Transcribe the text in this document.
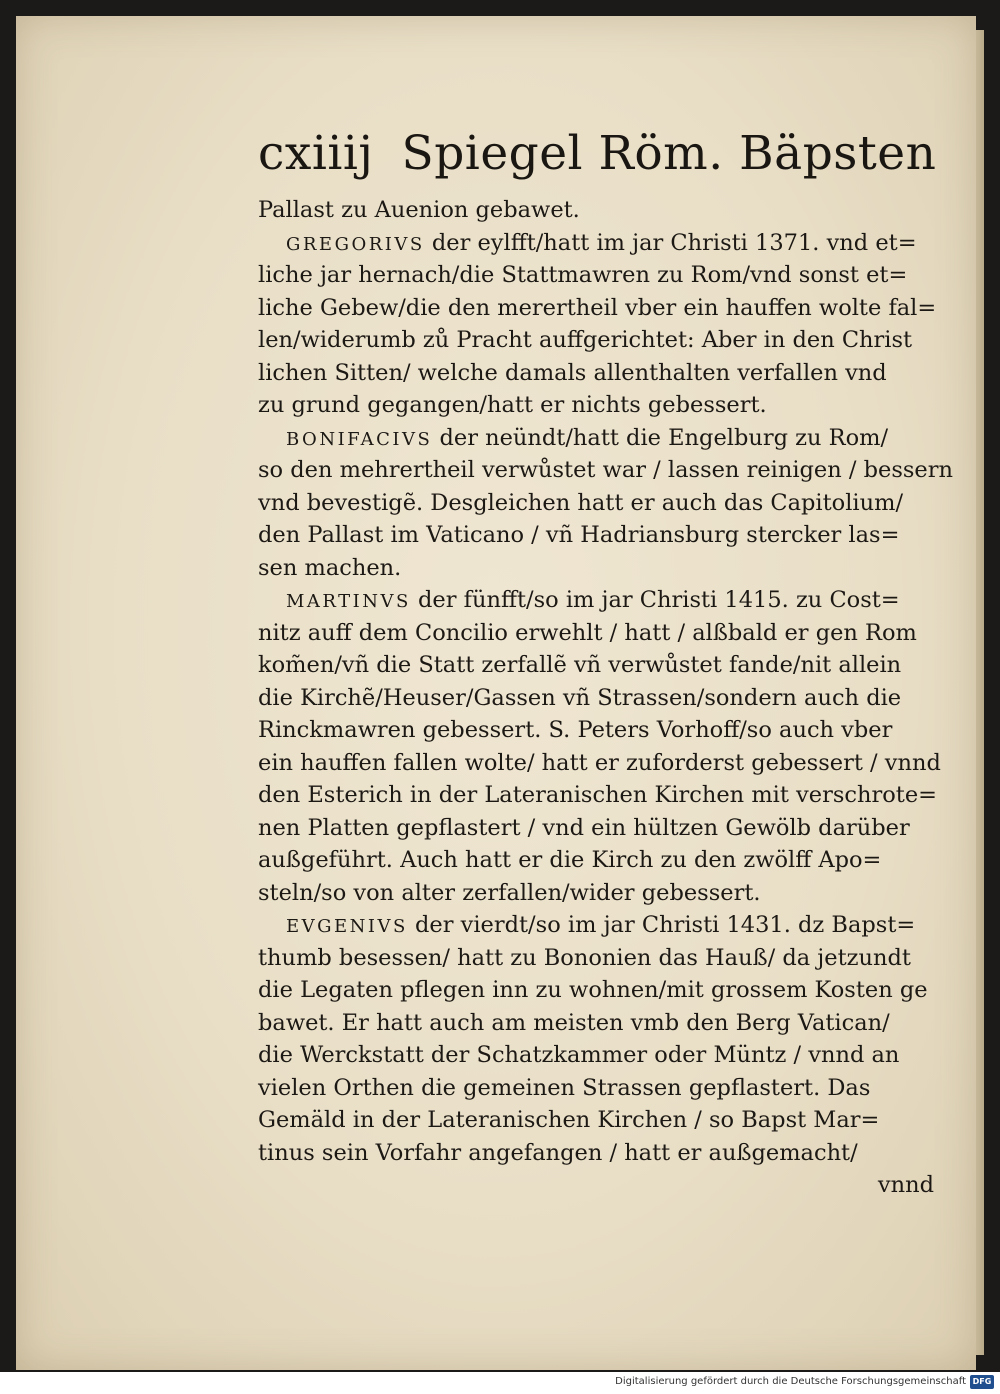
cxiiij Spiegel Röm. Bäpsten
Pallast zu Auenion gebawet.
GREGORIVS der eylfft/hatt im jar Christi 1371. vnd et=
liche jar hernach/die Stattmawren zu Rom/vnd sonst et=
liche Gebew/die den merertheil vber ein hauffen wolte fal=
len/widerumb zů Pracht auffgerichtet: Aber in den Christ
lichen Sitten/ welche damals allenthalten verfallen vnd
zu grund gegangen/hatt er nichts gebessert.
BONIFACIVS der neündt/hatt die Engelburg zu Rom/
so den mehrertheil verwůstet war / lassen reinigen / bessern
vnd bevestigẽ. Desgleichen hatt er auch das Capitolium/
den Pallast im Vaticano / vñ Hadriansburg stercker las=
sen machen.
MARTINVS der fünfft/so im jar Christi 1415. zu Cost=
nitz auff dem Concilio erwehlt / hatt / alßbald er gen Rom
kom̃en/vñ die Statt zerfallẽ vñ verwůstet fande/nit allein
die Kirchẽ/Heuser/Gassen vñ Strassen/sondern auch die
Rinckmawren gebessert. S. Peters Vorhoff/so auch vber
ein hauffen fallen wolte/ hatt er zuforderst gebessert / vnnd
den Esterich in der Lateranischen Kirchen mit verschrote=
nen Platten gepflastert / vnd ein hültzen Gewölb darüber
außgeführt. Auch hatt er die Kirch zu den zwölff Apo=
steln/so von alter zerfallen/wider gebessert.
EVGENIVS der vierdt/so im jar Christi 1431. dz Bapst=
thumb besessen/ hatt zu Bononien das Hauß/ da jetzundt
die Legaten pflegen inn zu wohnen/mit grossem Kosten ge
bawet. Er hatt auch am meisten vmb den Berg Vatican/
die Werckstatt der Schatzkammer oder Müntz / vnnd an
vielen Orthen die gemeinen Strassen gepflastert. Das
Gemäld in der Lateranischen Kirchen / so Bapst Mar=
tinus sein Vorfahr angefangen / hatt er außgemacht/
vnnd
Digitalisierung gefördert durch die Deutsche Forschungsgemeinschaft DFG
